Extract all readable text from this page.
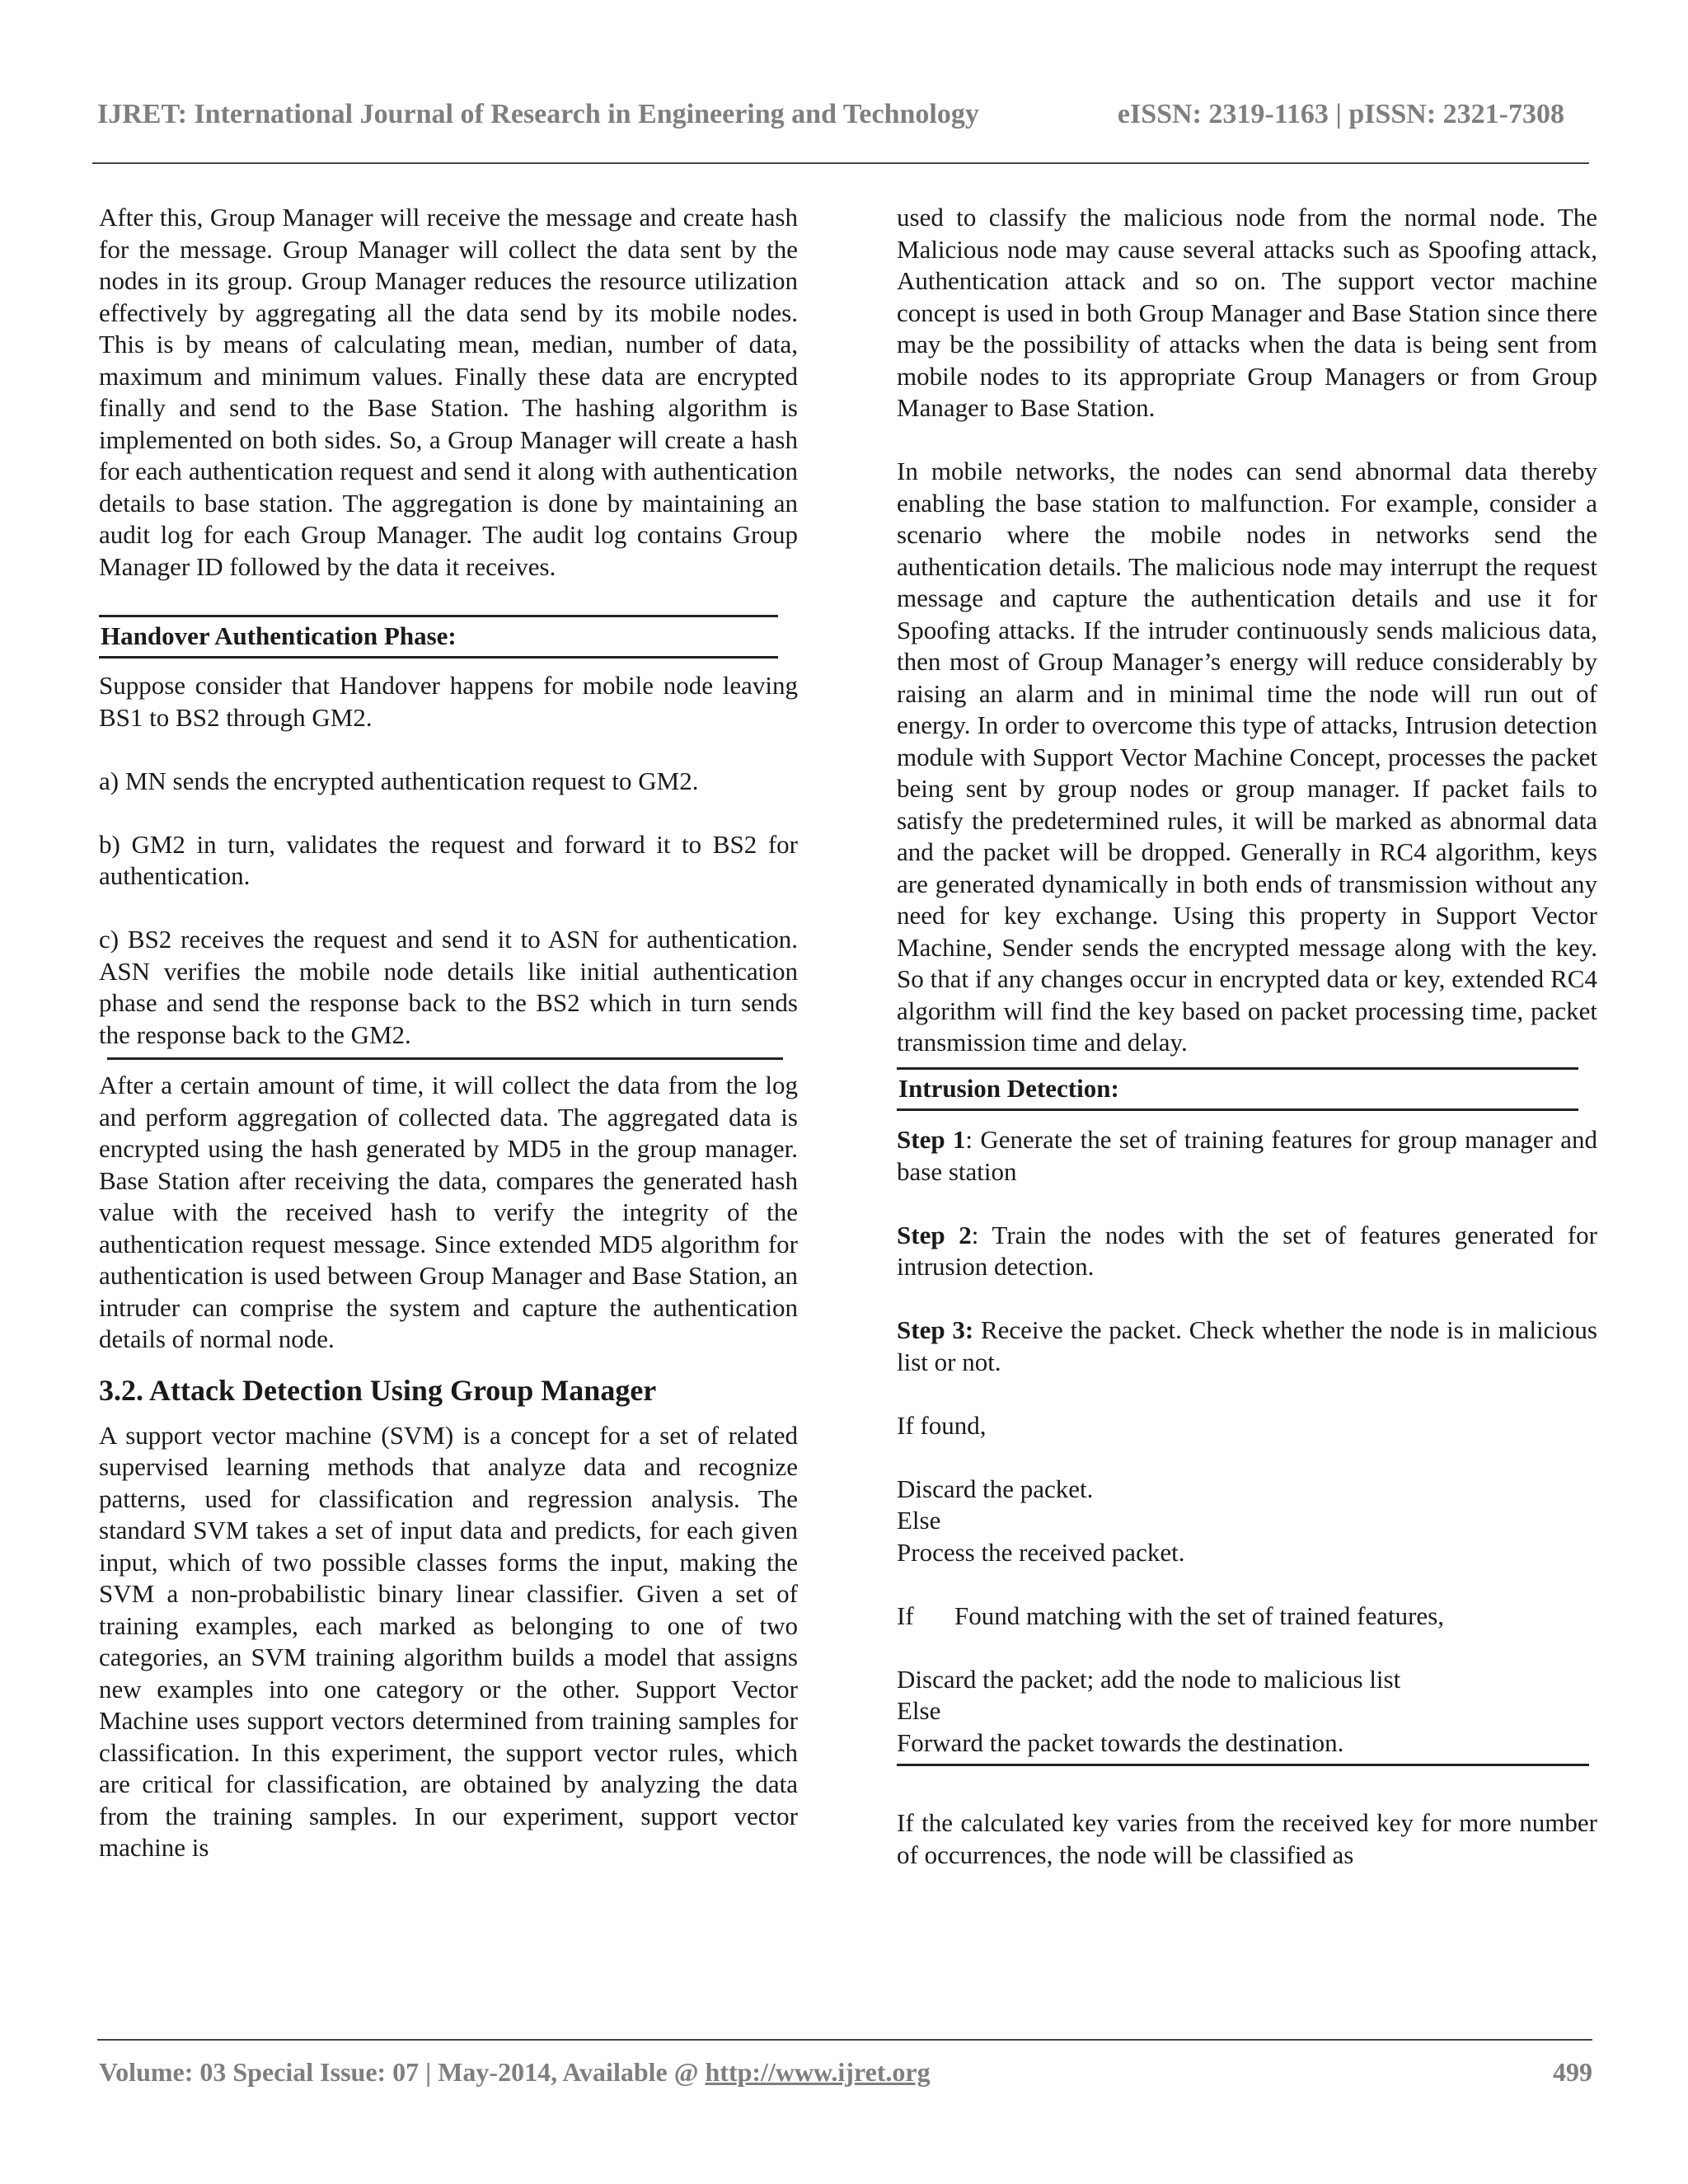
IJRET: International Journal of Research in Engineering and Technology	eISSN: 2319-1163 | pISSN: 2321-7308

After this, Group Manager will receive the message and create hash for the message. Group Manager will collect the data sent by the nodes in its group. Group Manager reduces the resource utilization effectively by aggregating all the data send by its mobile nodes. This is by means of calculating mean, median, number of data, maximum and minimum values. Finally these data are encrypted finally and send to the Base Station. The hashing algorithm is implemented on both sides. So, a Group Manager will create a hash for each authentication request and send it along with authentication details to base station. The aggregation is done by maintaining an audit log for each Group Manager. The audit log contains Group Manager ID followed by the data it receives.

Handover Authentication Phase:

Suppose consider that Handover happens for mobile node leaving BS1 to BS2 through GM2.

a) MN sends the encrypted authentication request to GM2.

b) GM2 in turn, validates the request and forward it to BS2 for authentication.

c) BS2 receives the request and send it to ASN for authentication. ASN verifies the mobile node details like initial authentication phase and send the response back to the BS2 which in turn sends the response back to the GM2.

After a certain amount of time, it will collect the data from the log and perform aggregation of collected data. The aggregated data is encrypted using the hash generated by MD5 in the group manager. Base Station after receiving the data, compares the generated hash value with the received hash to verify the integrity of the authentication request message. Since extended MD5 algorithm for authentication is used between Group Manager and Base Station, an intruder can comprise the system and capture the authentication details of normal node.

3.2. Attack Detection Using Group Manager

A support vector machine (SVM) is a concept for a set of related supervised learning methods that analyze data and recognize patterns, used for classification and regression analysis. The standard SVM takes a set of input data and predicts, for each given input, which of two possible classes forms the input, making the SVM a non-probabilistic binary linear classifier. Given a set of training examples, each marked as belonging to one of two categories, an SVM training algorithm builds a model that assigns new examples into one category or the other. Support Vector Machine uses support vectors determined from training samples for classification. In this experiment, the support vector rules, which are critical for classification, are obtained by analyzing the data from the training samples. In our experiment, support vector machine is

used to classify the malicious node from the normal node. The Malicious node may cause several attacks such as Spoofing attack, Authentication attack and so on. The support vector machine concept is used in both Group Manager and Base Station since there may be the possibility of attacks when the data is being sent from mobile nodes to its appropriate Group Managers or from Group Manager to Base Station.

In mobile networks, the nodes can send abnormal data thereby enabling the base station to malfunction. For example, consider a scenario where the mobile nodes in networks send the authentication details. The malicious node may interrupt the request message and capture the authentication details and use it for Spoofing attacks. If the intruder continuously sends malicious data, then most of Group Manager’s energy will reduce considerably by raising an alarm and in minimal time the node will run out of energy. In order to overcome this type of attacks, Intrusion detection module with Support Vector Machine Concept, processes the packet being sent by group nodes or group manager. If packet fails to satisfy the predetermined rules, it will be marked as abnormal data and the packet will be dropped. Generally in RC4 algorithm, keys are generated dynamically in both ends of transmission without any need for key exchange. Using this property in Support Vector Machine, Sender sends the encrypted message along with the key. So that if any changes occur in encrypted data or key, extended RC4 algorithm will find the key based on packet processing time, packet transmission time and delay.

Intrusion Detection:

Step 1: Generate the set of training features for group manager and base station

Step 2: Train the nodes with the set of features generated for intrusion detection.

Step 3: Receive the packet. Check whether the node is in malicious list or not.

If found,

Discard the packet.

Else

Process the received packet.

If Found matching with the set of trained features,

Discard the packet; add the node to malicious list

Else

Forward the packet towards the destination.

If the calculated key varies from the received key for more number of occurrences, the node will be classified as

Volume: 03 Special Issue: 07 | May-2014, Available @ http://www.ijret.org	499
